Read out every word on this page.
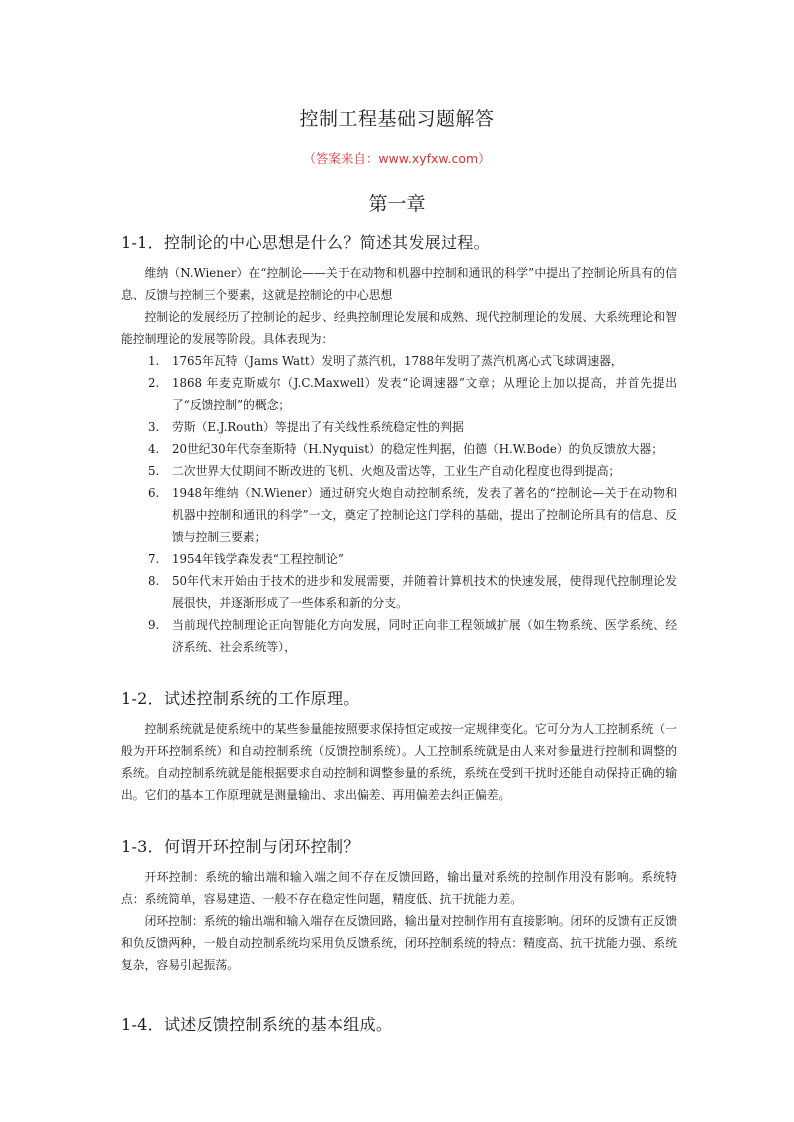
控制工程基础习题解答
（答案来自：www.xyfxw.com）
第一章
1-1．控制论的中心思想是什么？简述其发展过程。

维纳（N.Wiener）在“控制论——关于在动物和机器中控制和通讯的科学”中提出了控制论所具有的信息、反馈与控制三个要素，这就是控制论的中心思想

控制论的发展经历了控制论的起步、经典控制理论发展和成熟、现代控制理论的发展、大系统理论和智能控制理论的发展等阶段。具体表现为：

1. 1765年瓦特（Jams Watt）发明了蒸汽机，1788年发明了蒸汽机离心式飞球调速器，
2. 1868 年麦克斯威尔（J.C.Maxwell）发表“论调速器”文章；从理论上加以提高，并首先提出了“反馈控制”的概念；
3. 劳斯（E.J.Routh）等提出了有关线性系统稳定性的判据
4. 20世纪30年代奈奎斯特（H.Nyquist）的稳定性判据，伯德（H.W.Bode）的负反馈放大器；
5. 二次世界大仗期间不断改进的飞机、火炮及雷达等，工业生产自动化程度也得到提高；
6. 1948年维纳（N.Wiener）通过研究火炮自动控制系统，发表了著名的“控制论—关于在动物和机器中控制和通讯的科学”一文，奠定了控制论这门学科的基础，提出了控制论所具有的信息、反馈与控制三要素；
7. 1954年钱学森发表“工程控制论”
8. 50年代末开始由于技术的进步和发展需要，并随着计算机技术的快速发展，使得现代控制理论发展很快，并逐渐形成了一些体系和新的分支。
9. 当前现代控制理论正向智能化方向发展，同时正向非工程领域扩展（如生物系统、医学系统、经济系统、社会系统等），
1-2．试述控制系统的工作原理。

控制系统就是使系统中的某些参量能按照要求保持恒定或按一定规律变化。它可分为人工控制系统（一般为开环控制系统）和自动控制系统（反馈控制系统）。人工控制系统就是由人来对参量进行控制和调整的系统。自动控制系统就是能根据要求自动控制和调整参量的系统，系统在受到干扰时还能自动保持正确的输出。它们的基本工作原理就是测量输出、求出偏差、再用偏差去纠正偏差。

1-3．何谓开环控制与闭环控制？

开环控制：系统的输出端和输入端之间不存在反馈回路，输出量对系统的控制作用没有影响。系统特点：系统简单，容易建造、一般不存在稳定性问题，精度低、抗干扰能力差。

闭环控制：系统的输出端和输入端存在反馈回路，输出量对控制作用有直接影响。闭环的反馈有正反馈和负反馈两种，一般自动控制系统均采用负反馈系统，闭环控制系统的特点：精度高、抗干扰能力强、系统复杂，容易引起振荡。

1-4．试述反馈控制系统的基本组成。
